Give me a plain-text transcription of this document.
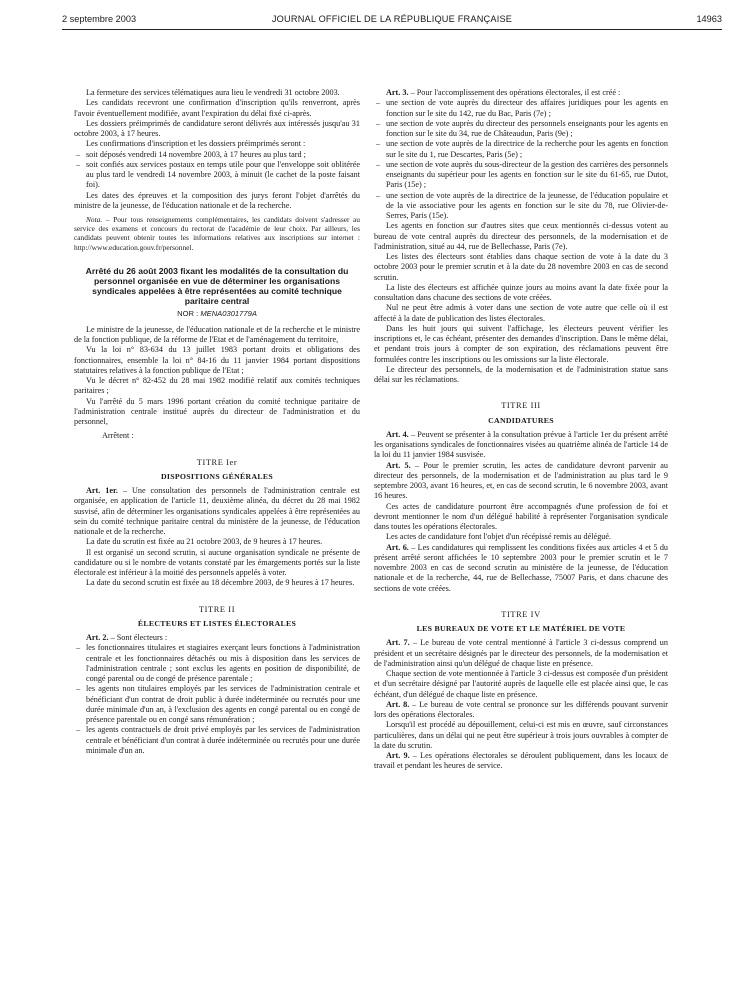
2 septembre 2003	JOURNAL OFFICIEL DE LA RÉPUBLIQUE FRANÇAISE	14963

La fermeture des services télématiques aura lieu le vendredi 31 octobre 2003.

Les candidats recevront une confirmation d'inscription qu'ils renverront, après l'avoir éventuellement modifiée, avant l'expiration du délai fixé ci-après.

Les dossiers préimprimés de candidature seront délivrés aux intéressés jusqu'au 31 octobre 2003, à 17 heures.

Les confirmations d'inscription et les dossiers préimprimés seront :

– soit déposés vendredi 14 novembre 2003, à 17 heures au plus tard ;
– soit confiés aux services postaux en temps utile pour que l'enveloppe soit oblitérée au plus tard le vendredi 14 novembre 2003, à minuit (le cachet de la poste faisant foi).

Les dates des épreuves et la composition des jurys feront l'objet d'arrêtés du ministre de la jeunesse, de l'éducation nationale et de la recherche.

Nota. – Pour tous renseignements complémentaires, les candidats doivent s'adresser au service des examens et concours du rectorat de l'académie de leur choix. Par ailleurs, les candidats peuvent obtenir toutes les informations relatives aux inscriptions sur internet : http://www.education.gouv.fr/personnel.

Arrêté du 26 août 2003 fixant les modalités de la consultation du personnel organisée en vue de déterminer les organisations syndicales appelées à être représentées au comité technique paritaire central
NOR : MENA0301779A

Le ministre de la jeunesse, de l'éducation nationale et de la recherche et le ministre de la fonction publique, de la réforme de l'Etat et de l'aménagement du territoire,

Vu la loi n° 83-634 du 13 juillet 1983 portant droits et obligations des fonctionnaires, ensemble la loi n° 84-16 du 11 janvier 1984 portant dispositions statutaires relatives à la fonction publique de l'Etat ;

Vu le décret n° 82-452 du 28 mai 1982 modifié relatif aux comités techniques paritaires ;

Vu l'arrêté du 5 mars 1996 portant création du comité technique paritaire de l'administration centrale institué auprès du directeur de l'administration et du personnel,

Arrêtent :

TITRE Ier
DISPOSITIONS GÉNÉRALES

Art. 1er. – Une consultation des personnels de l'administration centrale est organisée, en application de l'article 11, deuxième alinéa, du décret du 28 mai 1982 susvisé, afin de déterminer les organisations syndicales appelées à être représentées au sein du comité technique paritaire central du ministère de la jeunesse, de l'éducation nationale et de la recherche.

La date du scrutin est fixée au 21 octobre 2003, de 9 heures à 17 heures.

Il est organisé un second scrutin, si aucune organisation syndicale ne présente de candidature ou si le nombre de votants constaté par les émargements portés sur la liste électorale est inférieur à la moitié des personnels appelés à voter.

La date du second scrutin est fixée au 18 décembre 2003, de 9 heures à 17 heures.

TITRE II
ÉLECTEURS ET LISTES ÉLECTORALES

Art. 2. – Sont électeurs :

– les fonctionnaires titulaires et stagiaires exerçant leurs fonctions à l'administration centrale et les fonctionnaires détachés ou mis à disposition dans les services de l'administration centrale ; sont exclus les agents en position de disponibilité, de congé parental ou de congé de présence parentale ;
– les agents non titulaires employés par les services de l'administration centrale et bénéficiant d'un contrat de droit public à durée indéterminée ou recrutés pour une durée minimale d'un an, à l'exclusion des agents en congé parental ou en congé de présence parentale ou en congé sans rémunération ;
– les agents contractuels de droit privé employés par les services de l'administration centrale et bénéficiant d'un contrat à durée indéterminée ou recrutés pour une durée minimale d'un an.

Art. 3. – Pour l'accomplissement des opérations électorales, il est créé :

– une section de vote auprès du directeur des affaires juridiques pour les agents en fonction sur le site du 142, rue du Bac, Paris (7e) ;
– une section de vote auprès du directeur des personnels enseignants pour les agents en fonction sur le site du 34, rue de Châteaudun, Paris (9e) ;
– une section de vote auprès de la directrice de la recherche pour les agents en fonction sur le site du 1, rue Descartes, Paris (5e) ;
– une section de vote auprès du sous-directeur de la gestion des carrières des personnels enseignants du supérieur pour les agents en fonction sur le site du 61-65, rue Dutot, Paris (15e) ;
– une section de vote auprès de la directrice de la jeunesse, de l'éducation populaire et de la vie associative pour les agents en fonction sur le site du 78, rue Olivier-de-Serres, Paris (15e).

Les agents en fonction sur d'autres sites que ceux mentionnés ci-dessus votent au bureau de vote central auprès du directeur des personnels, de la modernisation et de l'administration, situé au 44, rue de Bellechasse, Paris (7e).

Les listes des électeurs sont établies dans chaque section de vote à la date du 3 octobre 2003 pour le premier scrutin et à la date du 28 novembre 2003 en cas de second scrutin.

La liste des électeurs est affichée quinze jours au moins avant la date fixée pour la consultation dans chacune des sections de vote créées.

Nul ne peut être admis à voter dans une section de vote autre que celle où il est affecté à la date de publication des listes électorales.

Dans les huit jours qui suivent l'affichage, les électeurs peuvent vérifier les inscriptions et, le cas échéant, présenter des demandes d'inscription. Dans le même délai, et pendant trois jours à compter de son expiration, des réclamations peuvent être formulées contre les inscriptions ou les omissions sur la liste électorale.

Le directeur des personnels, de la modernisation et de l'administration statue sans délai sur les réclamations.

TITRE III
CANDIDATURES

Art. 4. – Peuvent se présenter à la consultation prévue à l'article 1er du présent arrêté les organisations syndicales de fonctionnaires visées au quatrième alinéa de l'article 14 de la loi du 11 janvier 1984 susvisée.

Art. 5. – Pour le premier scrutin, les actes de candidature devront parvenir au directeur des personnels, de la modernisation et de l'administration au plus tard le 9 septembre 2003, avant 16 heures, et, en cas de second scrutin, le 6 novembre 2003, avant 16 heures.

Ces actes de candidature pourront être accompagnés d'une profession de foi et devront mentionner le nom d'un délégué habilité à représenter l'organisation syndicale dans toutes les opérations électorales.

Les actes de candidature font l'objet d'un récépissé remis au délégué.

Art. 6. – Les candidatures qui remplissent les conditions fixées aux articles 4 et 5 du présent arrêté seront affichées le 10 septembre 2003 pour le premier scrutin et le 7 novembre 2003 en cas de second scrutin au ministère de la jeunesse, de l'éducation nationale et de la recherche, 44, rue de Bellechasse, 75007 Paris, et dans chacune des sections de vote créées.

TITRE IV
LES BUREAUX DE VOTE ET LE MATÉRIEL DE VOTE

Art. 7. – Le bureau de vote central mentionné à l'article 3 ci-dessus comprend un président et un secrétaire désignés par le directeur des personnels, de la modernisation et de l'administration ainsi qu'un délégué de chaque liste en présence.

Chaque section de vote mentionnée à l'article 3 ci-dessus est composée d'un président et d'un secrétaire désigné par l'autorité auprès de laquelle elle est placée ainsi que, le cas échéant, d'un délégué de chaque liste en présence.

Art. 8. – Le bureau de vote central se prononce sur les différends pouvant survenir lors des opérations électorales.

Lorsqu'il est procédé au dépouillement, celui-ci est mis en œuvre, sauf circonstances particulières, dans un délai qui ne peut être supérieur à trois jours ouvrables à compter de la date du scrutin.

Art. 9. – Les opérations électorales se déroulent publiquement, dans les locaux de travail et pendant les heures de service.
